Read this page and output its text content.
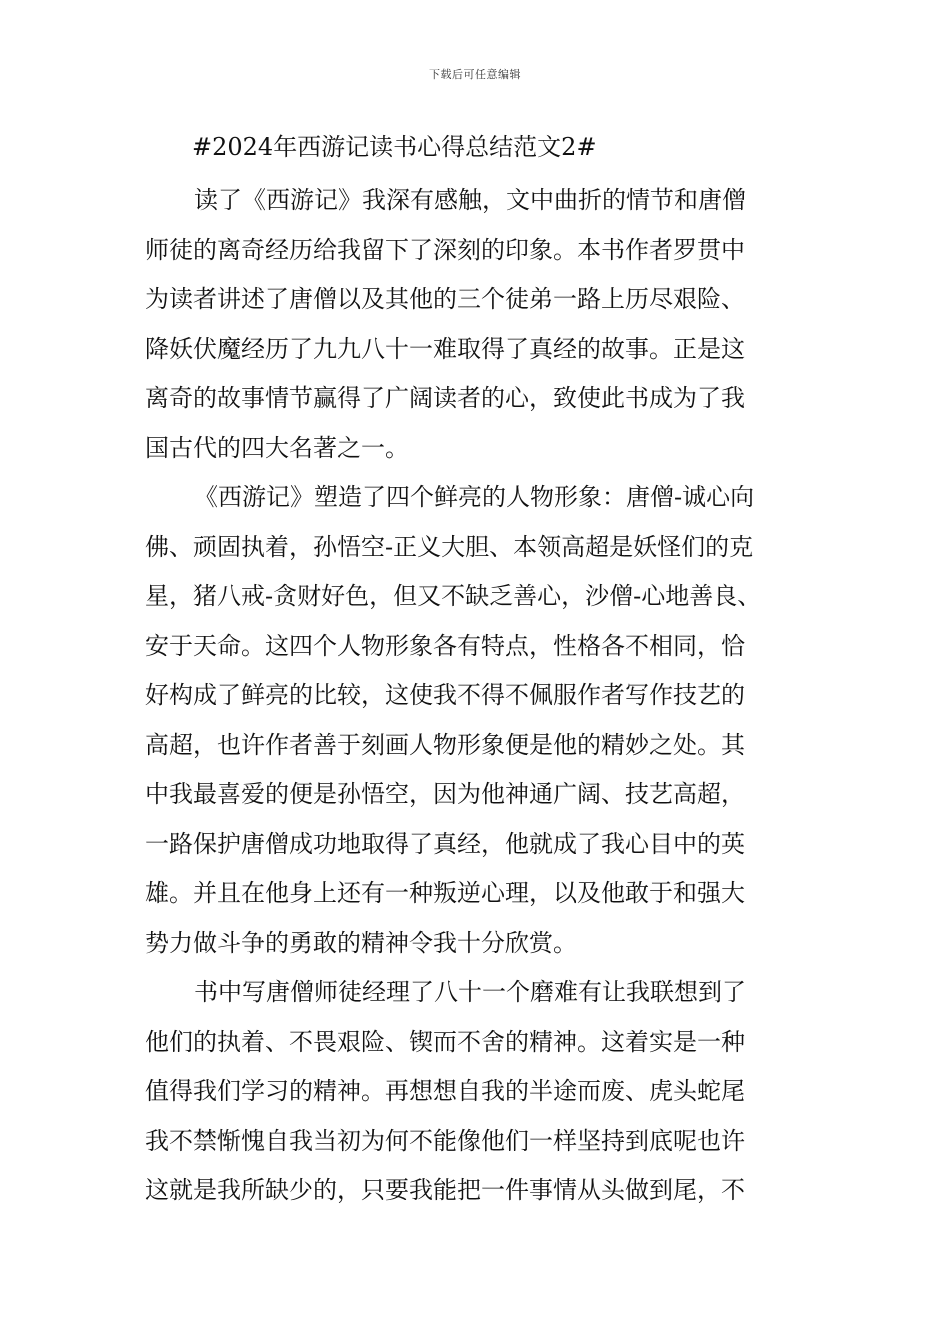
下载后可任意编辑
#2024年西游记读书心得总结范文2#
读了《西游记》我深有感触，文中曲折的情节和唐僧
师徒的离奇经历给我留下了深刻的印象。本书作者罗贯中
为读者讲述了唐僧以及其他的三个徒弟一路上历尽艰险、
降妖伏魔经历了九九八十一难取得了真经的故事。正是这
离奇的故事情节赢得了广阔读者的心，致使此书成为了我
国古代的四大名著之一。
《西游记》塑造了四个鲜亮的人物形象：唐僧-诚心向
佛、顽固执着，孙悟空-正义大胆、本领高超是妖怪们的克
星，猪八戒-贪财好色，但又不缺乏善心，沙僧-心地善良、
安于天命。这四个人物形象各有特点，性格各不相同，恰
好构成了鲜亮的比较，这使我不得不佩服作者写作技艺的
高超，也许作者善于刻画人物形象便是他的精妙之处。其
中我最喜爱的便是孙悟空，因为他神通广阔、技艺高超，
一路保护唐僧成功地取得了真经，他就成了我心目中的英
雄。并且在他身上还有一种叛逆心理，以及他敢于和强大
势力做斗争的勇敢的精神令我十分欣赏。
书中写唐僧师徒经理了八十一个磨难有让我联想到了
他们的执着、不畏艰险、锲而不舍的精神。这着实是一种
值得我们学习的精神。再想想自我的半途而废、虎头蛇尾
我不禁惭愧自我当初为何不能像他们一样坚持到底呢也许
这就是我所缺少的，只要我能把一件事情从头做到尾，不
